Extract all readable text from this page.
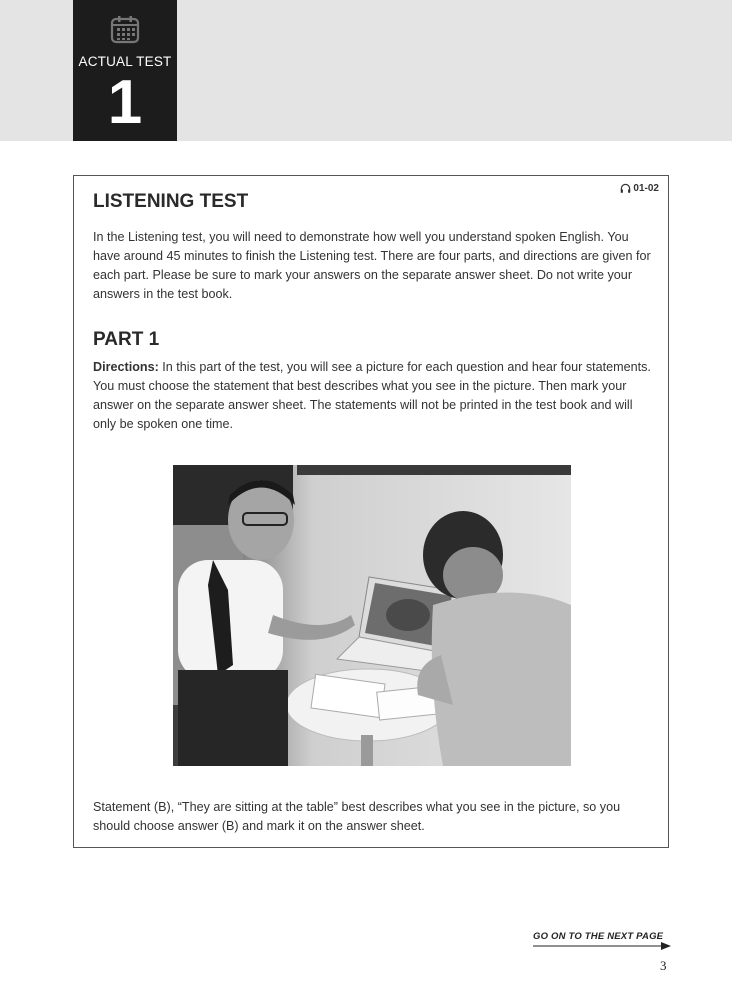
ACTUAL TEST
1
01-02
LISTENING TEST

In the Listening test, you will need to demonstrate how well you understand spoken English. You have around 45 minutes to finish the Listening test. There are four parts, and directions are given for each part. Please be sure to mark your answers on the separate answer sheet. Do not write your answers in the test book.

PART 1

Directions: In this part of the test, you will see a picture for each question and hear four statements. You must choose the statement that best describes what you see in the picture. Then mark your answer on the separate answer sheet. The statements will not be printed in the test book and will only be spoken one time.

Statement (B), “They are sitting at the table” best describes what you see in the picture, so you should choose answer (B) and mark it on the answer sheet.

GO ON TO THE NEXT PAGE
3
